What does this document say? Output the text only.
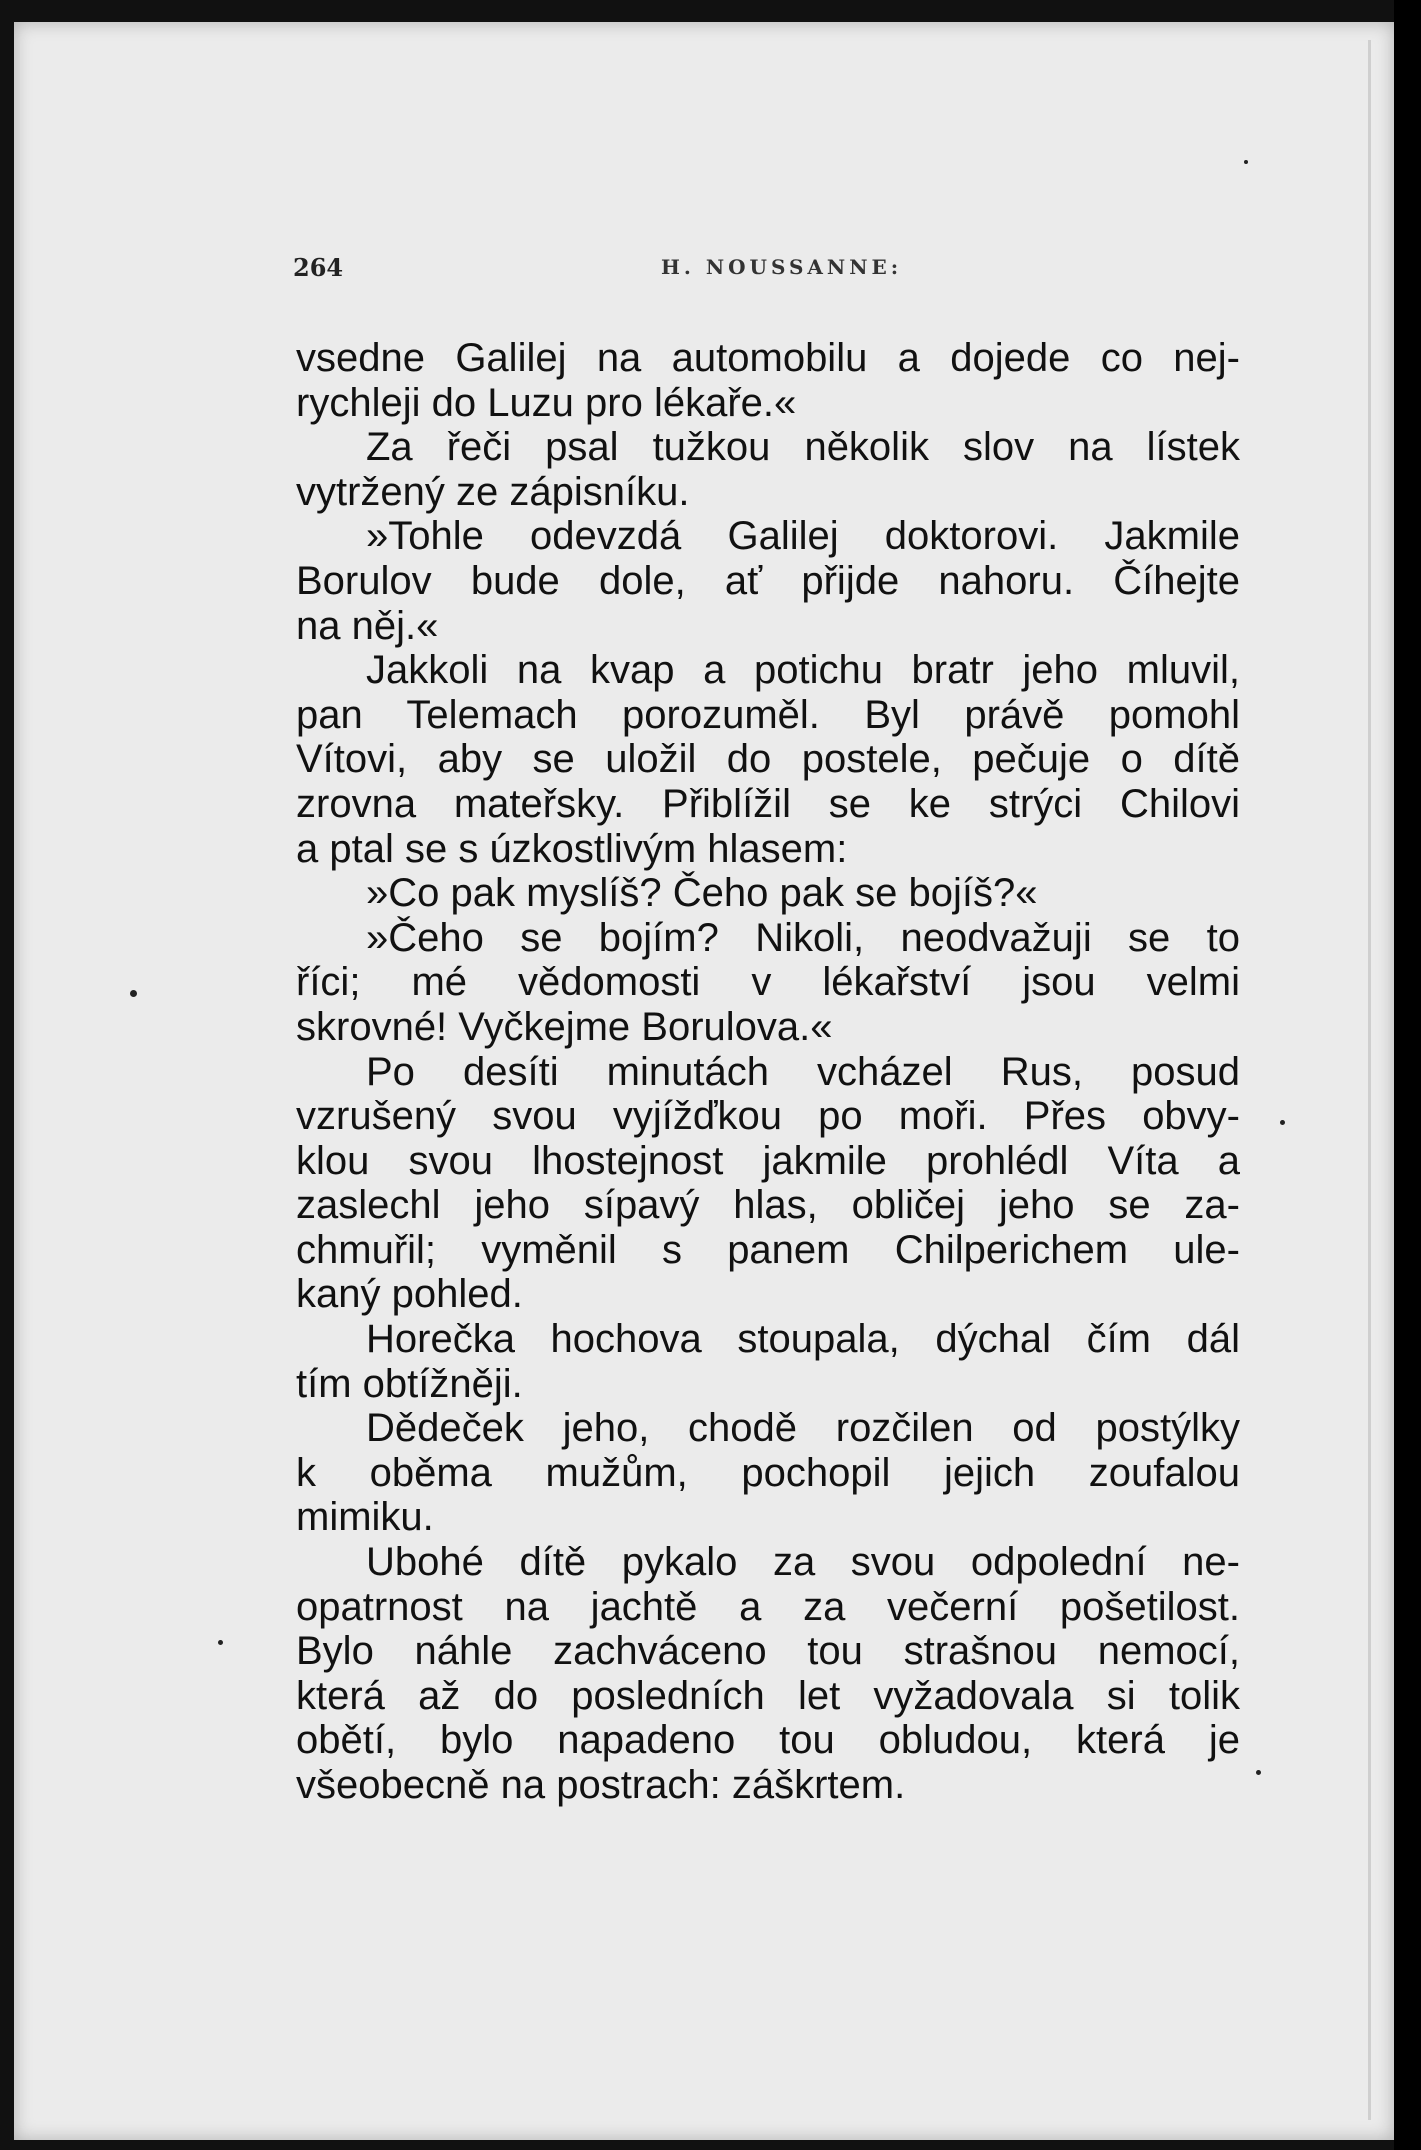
264	H. NOUSSANNE:
vsedne Galilej na automobilu a dojede co nej-
rychleji do Luzu pro lékaře.«
Za řeči psal tužkou několik slov na lístek
vytržený ze zápisníku.
»Tohle odevzdá Galilej doktorovi. Jakmile
Borulov bude dole, ať přijde nahoru. Číhejte
na něj.«
Jakkoli na kvap a potichu bratr jeho mluvil,
pan Telemach porozuměl. Byl právě pomohl
Vítovi, aby se uložil do postele, pečuje o dítě
zrovna mateřsky. Přiblížil se ke strýci Chilovi
a ptal se s úzkostlivým hlasem:
»Co pak myslíš? Čeho pak se bojíš?«
»Čeho se bojím? Nikoli, neodvažuji se to
říci; mé vědomosti v lékařství jsou velmi
skrovné! Vyčkejme Borulova.«
Po desíti minutách vcházel Rus, posud
vzrušený svou vyjížďkou po moři. Přes obvy-
klou svou lhostejnost jakmile prohlédl Víta a
zaslechl jeho sípavý hlas, obličej jeho se za-
chmuřil; vyměnil s panem Chilperichem ule-
kaný pohled.
Horečka hochova stoupala, dýchal čím dál
tím obtížněji.
Dědeček jeho, chodě rozčilen od postýlky
k oběma mužům, pochopil jejich zoufalou
mimiku.
Ubohé dítě pykalo za svou odpolední ne-
opatrnost na jachtě a za večerní pošetilost.
Bylo náhle zachváceno tou strašnou nemocí,
která až do posledních let vyžadovala si tolik
obětí, bylo napadeno tou obludou, která je
všeobecně na postrach: záškrtem.
